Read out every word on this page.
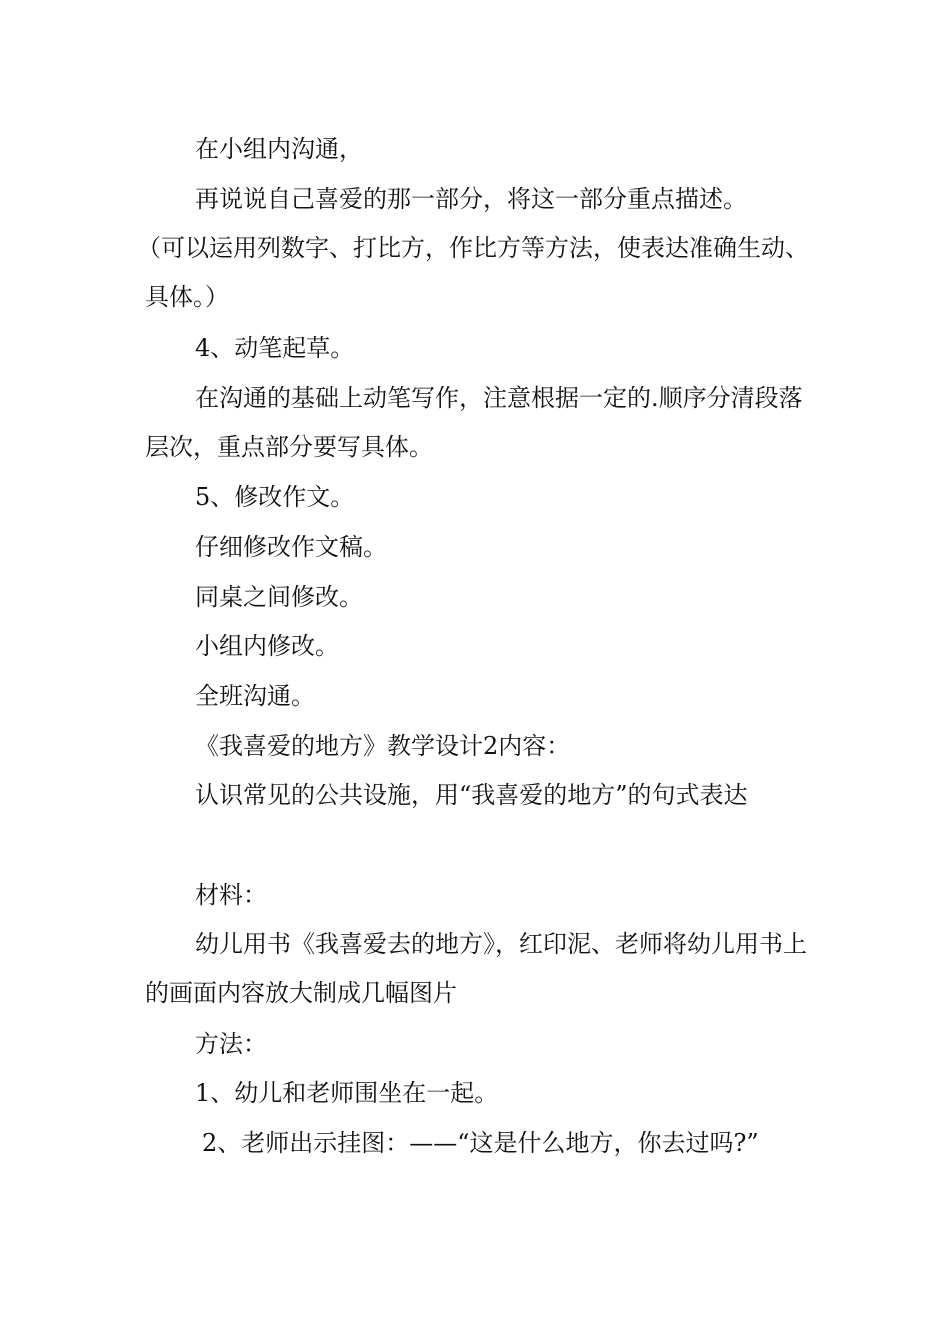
在小组内沟通，

再说说自己喜爱的那一部分，将这一部分重点描述。

（可以运用列数字、打比方，作比方等方法，使表达准确生动、具体。）

4、动笔起草。

在沟通的基础上动笔写作，注意根据一定的.顺序分清段落层次，重点部分要写具体。

5、修改作文。

仔细修改作文稿。

同桌之间修改。

小组内修改。

全班沟通。

《我喜爱的地方》教学设计2内容：

认识常见的公共设施，用“我喜爱的地方”的句式表达

材料：

幼儿用书《我喜爱去的地方》，红印泥、老师将幼儿用书上的画面内容放大制成几幅图片

方法：

1、幼儿和老师围坐在一起。

2、老师出示挂图：——“这是什么地方，你去过吗?”
